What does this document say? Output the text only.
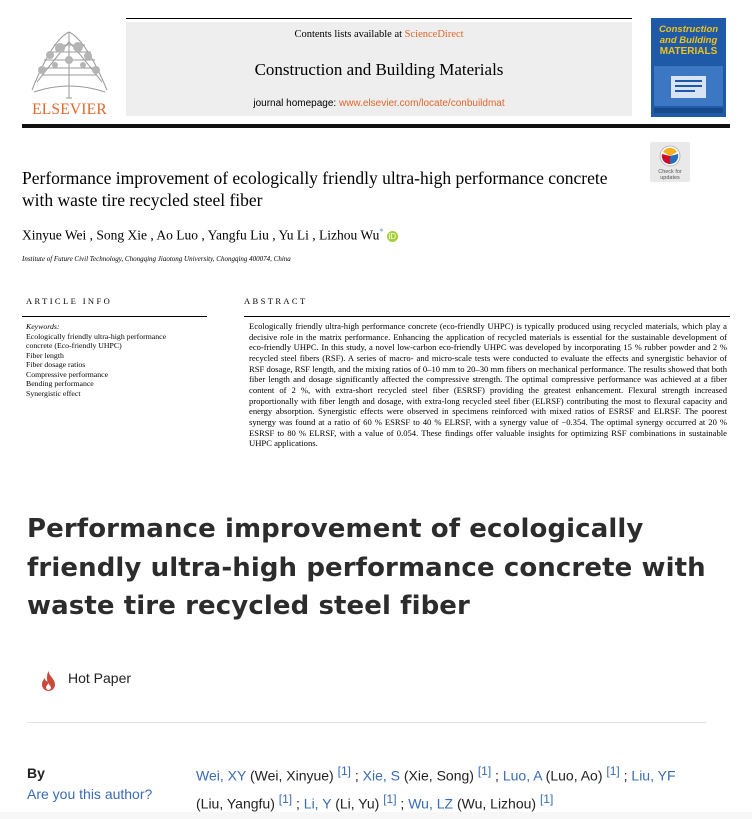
ELSEVIER
Contents lists available at ScienceDirect
Construction and Building Materials
journal homepage: www.elsevier.com/locate/conbuildmat
Construction
and Building
MATERIALS
Check for
updates
Performance improvement of ecologically friendly ultra-high performance concrete with waste tire recycled steel fiber
Xinyue Wei , Song Xie , Ao Luo , Yangfu Liu , Yu Li , Lizhou Wu* iD
Institute of Future Civil Technology, Chongqing Jiaotong University, Chongqing 400074, China
ARTICLE INFO	ABSTRACT
Keywords:
Ecologically friendly ultra-high performance
concrete (Eco-friendly UHPC)
Fiber length
Fiber dosage ratios
Compressive performance
Bending performance
Synergistic effect
Ecologically friendly ultra-high performance concrete (eco-friendly UHPC) is typically produced using recycled materials, which play a decisive role in the matrix performance. Enhancing the application of recycled materials is essential for the sustainable development of eco-friendly UHPC. In this study, a novel low-carbon eco-friendly UHPC was developed by incorporating 15 % rubber powder and 2 % recycled steel fibers (RSF). A series of macro- and micro-scale tests were conducted to evaluate the effects and synergistic behavior of RSF dosage, RSF length, and the mixing ratios of 0–10 mm to 20–30 mm fibers on mechanical performance. The results showed that both fiber length and dosage significantly affected the compressive strength. The optimal compressive performance was achieved at a fiber content of 2 %, with extra-short recycled steel fiber (ESRSF) providing the greatest enhancement. Flexural strength increased proportionally with fiber length and dosage, with extra-long recycled steel fiber (ELRSF) contributing the most to flexural capacity and energy absorption. Synergistic effects were observed in specimens reinforced with mixed ratios of ESRSF and ELRSF. The poorest synergy was found at a ratio of 60 % ESRSF to 40 % ELRSF, with a synergy value of −0.354. The optimal synergy occurred at 20 % ESRSF to 80 % ELRSF, with a value of 0.054. These findings offer valuable insights for optimizing RSF combinations in sustainable UHPC applications.
Performance improvement of ecologically friendly ultra-high performance concrete with waste tire recycled steel fiber
Hot Paper
By
Are you this author?
Wei, XY (Wei, Xinyue) [1] ; Xie, S (Xie, Song) [1] ; Luo, A (Luo, Ao) [1] ; Liu, YF (Liu, Yangfu) [1] ; Li, Y (Li, Yu) [1] ; Wu, LZ (Wu, Lizhou) [1]
